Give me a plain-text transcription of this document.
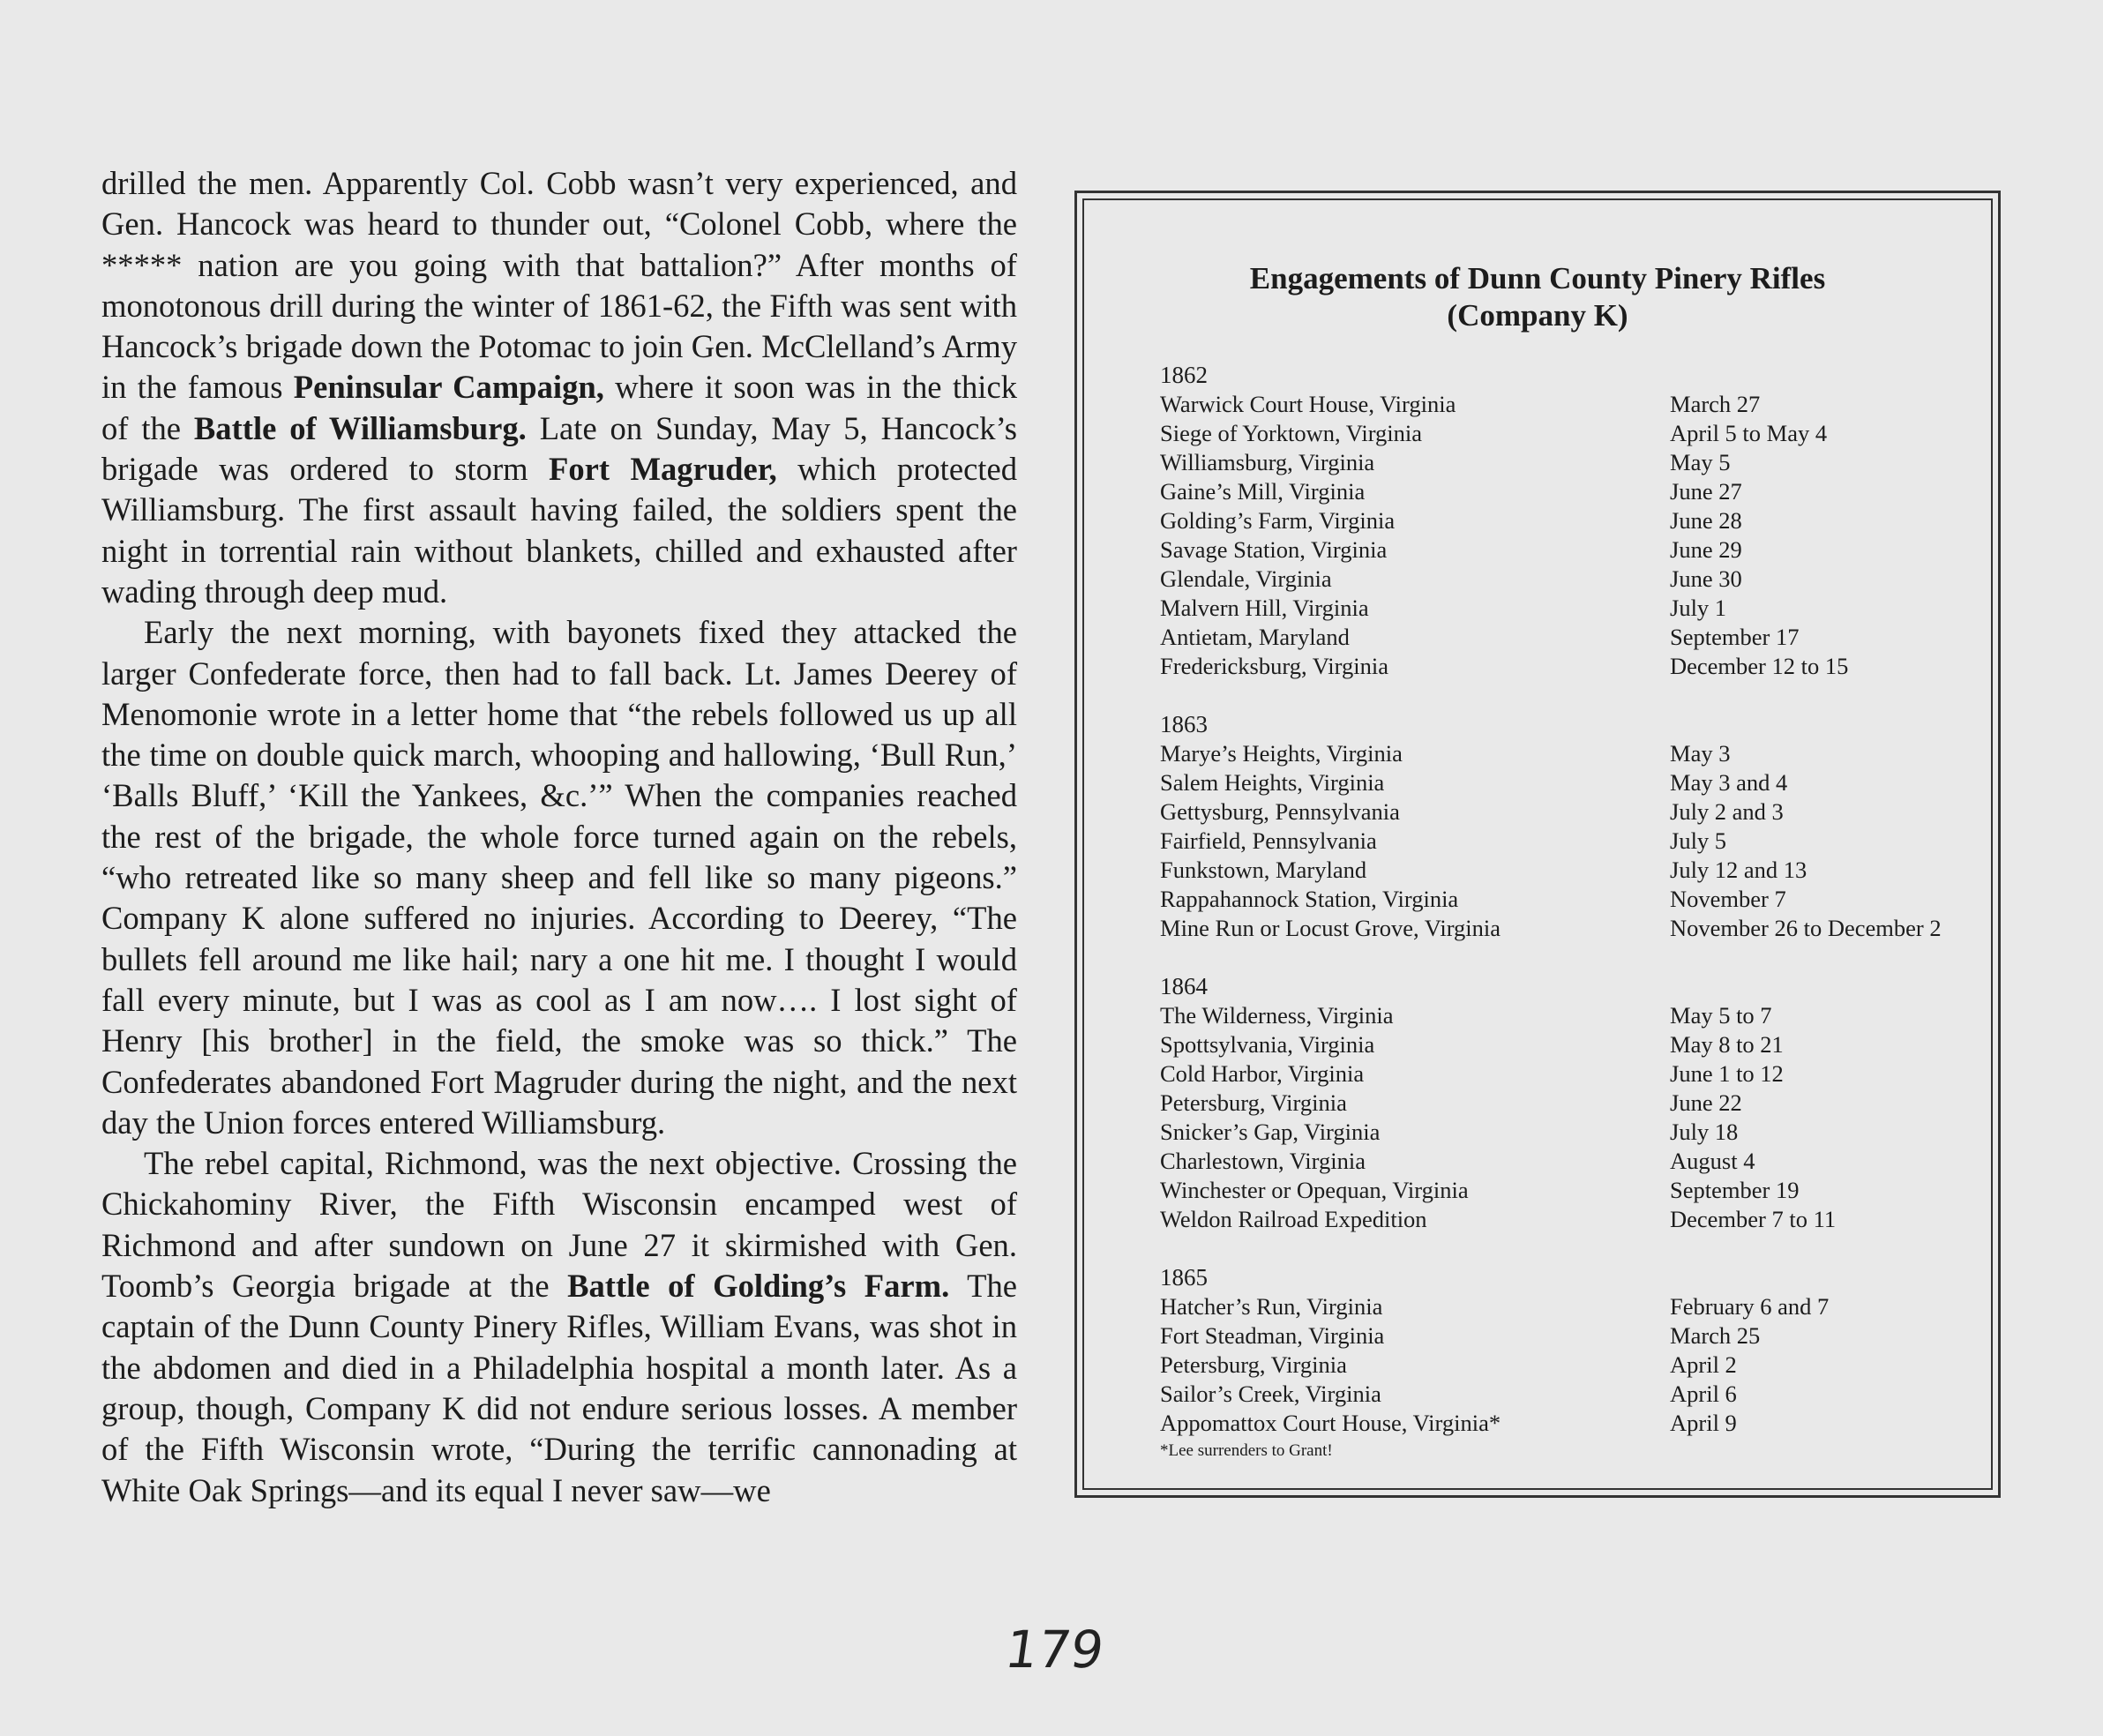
drilled the men. Apparently Col. Cobb wasn’t very experienced, and Gen. Hancock was heard to thunder out, “Colonel Cobb, where the ***** nation are you going with that battalion?” After months of monotonous drill during the winter of 1861-62, the Fifth was sent with Hancock’s brigade down the Potomac to join Gen. McClelland’s Army in the famous Peninsular Campaign, where it soon was in the thick of the Battle of Williamsburg. Late on Sunday, May 5, Hancock’s brigade was ordered to storm Fort Magruder, which protected Williamsburg. The first assault having failed, the soldiers spent the night in torrential rain without blankets, chilled and exhausted after wading through deep mud.

Early the next morning, with bayonets fixed they attacked the larger Confederate force, then had to fall back. Lt. James Deerey of Menomonie wrote in a letter home that “the rebels followed us up all the time on double quick march, whooping and hallowing, ‘Bull Run,’ ‘Balls Bluff,’ ‘Kill the Yankees, &c.’” When the companies reached the rest of the brigade, the whole force turned again on the rebels, “who retreated like so many sheep and fell like so many pigeons.” Company K alone suffered no injuries. According to Deerey, “The bullets fell around me like hail; nary a one hit me. I thought I would fall every minute, but I was as cool as I am now…. I lost sight of Henry [his brother] in the field, the smoke was so thick.” The Confederates abandoned Fort Magruder during the night, and the next day the Union forces entered Williamsburg.

The rebel capital, Richmond, was the next objective. Crossing the Chickahominy River, the Fifth Wisconsin encamped west of Richmond and after sundown on June 27 it skirmished with Gen. Toomb’s Georgia brigade at the Battle of Golding’s Farm. The captain of the Dunn County Pinery Rifles, William Evans, was shot in the abdomen and died in a Philadelphia hospital a month later. As a group, though, Company K did not endure serious losses. A member of the Fifth Wisconsin wrote, “During the terrific cannonading at White Oak Springs—and its equal I never saw—we

Engagements of Dunn County Pinery Rifles
(Company K)
1862
Warwick Court House, Virginia	March 27
Siege of Yorktown, Virginia	April 5 to May 4
Williamsburg, Virginia	May 5
Gaine’s Mill, Virginia	June 27
Golding’s Farm, Virginia	June 28
Savage Station, Virginia	June 29
Glendale, Virginia	June 30
Malvern Hill, Virginia	July 1
Antietam, Maryland	September 17
Fredericksburg, Virginia	December 12 to 15
1863
Marye’s Heights, Virginia	May 3
Salem Heights, Virginia	May 3 and 4
Gettysburg, Pennsylvania	July 2 and 3
Fairfield, Pennsylvania	July 5
Funkstown, Maryland	July 12 and 13
Rappahannock Station, Virginia	November 7
Mine Run or Locust Grove, Virginia	November 26 to December 2
1864
The Wilderness, Virginia	May 5 to 7
Spottsylvania, Virginia	May 8 to 21
Cold Harbor, Virginia	June 1 to 12
Petersburg, Virginia	June 22
Snicker’s Gap, Virginia	July 18
Charlestown, Virginia	August 4
Winchester or Opequan, Virginia	September 19
Weldon Railroad Expedition	December 7 to 11
1865
Hatcher’s Run, Virginia	February 6 and 7
Fort Steadman, Virginia	March 25
Petersburg, Virginia	April 2
Sailor’s Creek, Virginia	April 6
Appomattox Court House, Virginia*	April 9
*Lee surrenders to Grant!
179
